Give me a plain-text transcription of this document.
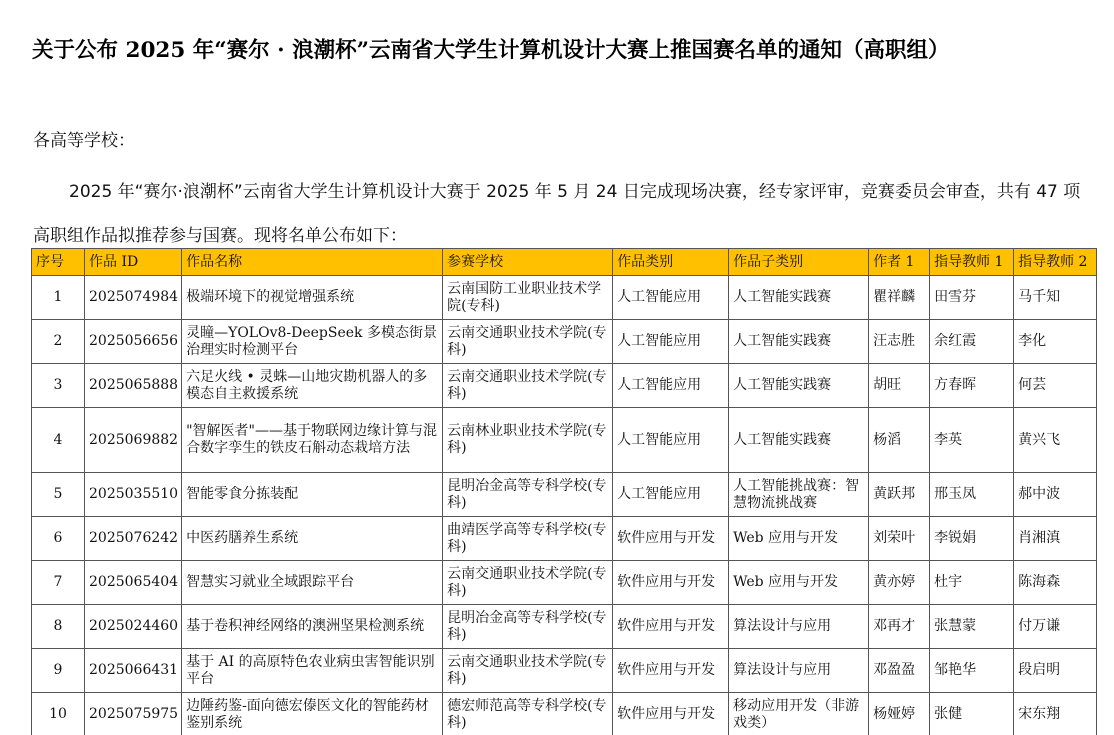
关于公布 2025 年“赛尔 · 浪潮杯”云南省大学生计算机设计大赛上推国赛名单的通知（高职组）
各高等学校：
2025 年“赛尔·浪潮杯”云南省大学生计算机设计大赛于 2025 年 5 月 24 日完成现场决赛，经专家评审，竞赛委员会审查，共有 47 项高职组作品拟推荐参与国赛。现将名单公布如下：
序号	作品 ID	作品名称	参赛学校	作品类别	作品子类别	作者 1	指导教师 1	指导教师 2
1	2025074984	极端环境下的视觉增强系统	云南国防工业职业技术学院(专科)	人工智能应用	人工智能实践赛	瞿祥麟	田雪芬	马千知
2	2025056656	灵瞳—YOLOv8-DeepSeek 多模态街景治理实时检测平台	云南交通职业技术学院(专科)	人工智能应用	人工智能实践赛	汪志胜	余红霞	李化
3	2025065888	六足火线 • 灵蛛—山地灾勘机器人的多模态自主救援系统	云南交通职业技术学院(专科)	人工智能应用	人工智能实践赛	胡旺	方春晖	何芸
4	2025069882	"智解医者"——基于物联网边缘计算与混合数字孪生的铁皮石斛动态栽培方法	云南林业职业技术学院(专科)	人工智能应用	人工智能实践赛	杨滔	李英	黄兴飞
5	2025035510	智能零食分拣装配	昆明冶金高等专科学校(专科)	人工智能应用	人工智能挑战赛：智慧物流挑战赛	黄跃邦	邢玉凤	郝中波
6	2025076242	中医药膳养生系统	曲靖医学高等专科学校(专科)	软件应用与开发	Web 应用与开发	刘荣叶	李锐娟	肖湘滇
7	2025065404	智慧实习就业全域跟踪平台	云南交通职业技术学院(专科)	软件应用与开发	Web 应用与开发	黄亦婷	杜宇	陈海森
8	2025024460	基于卷积神经网络的澳洲坚果检测系统	昆明冶金高等专科学校(专科)	软件应用与开发	算法设计与应用	邓再才	张慧蒙	付万谦
9	2025066431	基于 AI 的高原特色农业病虫害智能识别平台	云南交通职业技术学院(专科)	软件应用与开发	算法设计与应用	邓盈盈	邹艳华	段启明
10	2025075975	边陲药鉴-面向德宏傣医文化的智能药材鉴别系统	德宏师范高等专科学校(专科)	软件应用与开发	移动应用开发（非游戏类）	杨娅婷	张健	宋东翔
